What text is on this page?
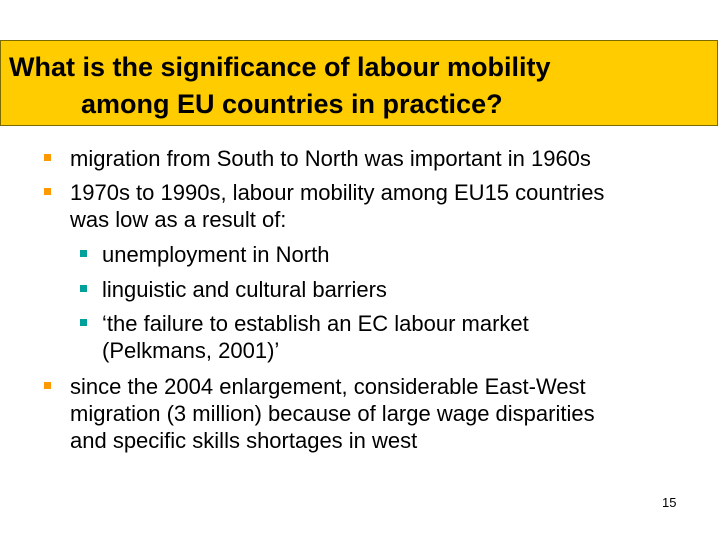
What is the significance of labour mobility
among EU countries in practice?
migration from South to North was important in 1960s
1970s to 1990s, labour mobility among EU15 countries
was low as a result of:
unemployment in North
linguistic and cultural barriers
‘the failure to establish an EC labour market
(Pelkmans, 2001)’
since the 2004 enlargement, considerable East-West
migration (3 million) because of large wage disparities
and specific skills shortages in west
15
